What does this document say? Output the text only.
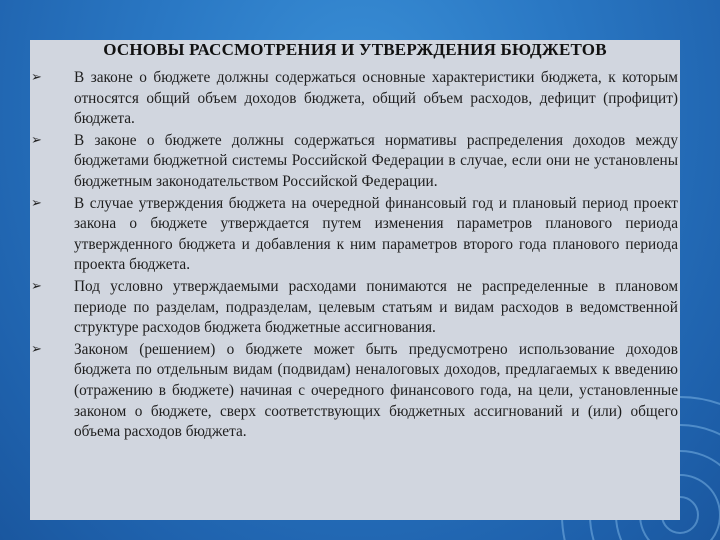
ОСНОВЫ РАССМОТРЕНИЯ И УТВЕРЖДЕНИЯ БЮДЖЕТОВ
➢ В законе о бюджете должны содержаться основные характеристики бюджета, к которым относятся общий объем доходов бюджета, общий объем расходов, дефицит (профицит) бюджета.
➢ В законе о бюджете должны содержаться нормативы распределения доходов между бюджетами бюджетной системы Российской Федерации в случае, если они не установлены бюджетным законодательством Российской Федерации.
➢ В случае утверждения бюджета на очередной финансовый год и плановый период проект закона о бюджете утверждается путем изменения параметров планового периода утвержденного бюджета и добавления к ним параметров второго года планового периода проекта бюджета.
➢ Под условно утверждаемыми расходами понимаются не распределенные в плановом периоде по разделам, подразделам, целевым статьям и видам расходов в ведомственной структуре расходов бюджета бюджетные ассигнования.
➢ Законом (решением) о бюджете может быть предусмотрено использование доходов бюджета по отдельным видам (подвидам) неналоговых доходов, предлагаемых к введению (отражению в бюджете) начиная с очередного финансового года, на цели, установленные законом о бюджете, сверх соответствующих бюджетных ассигнований и (или) общего объема расходов бюджета.
